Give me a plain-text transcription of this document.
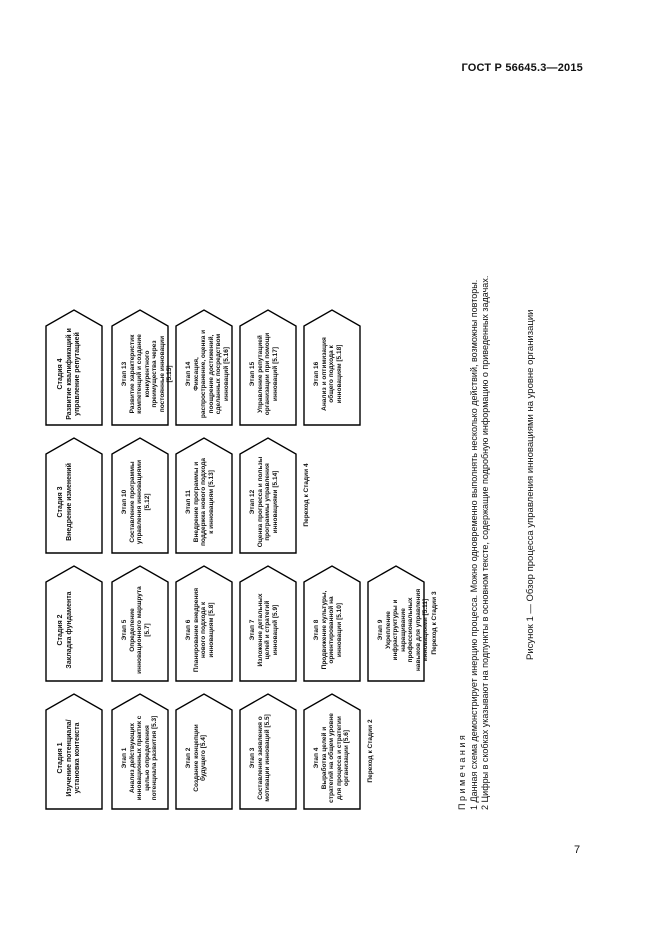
ГОСТ Р 56645.3—2015
Стадия 1 Изучение потенциала/ установка контекста	Этап 1 Анализ действующих инновационных практик с целью определения потенциала развития [5.3]
Этап 2 Создание концепции будущего [5.4]
Этап 3 Составление заявления о мотивации инноваций [5.5]
Этап 4 Выработка целей и стратегий на общем уровне для процесса и стратегии организации [5.6]	Переход к Стадии 2
Стадия 2 Закладка фундамента	Этап 5 Определение инновационного маршрута [5.7]	Этап 6 Планирование внедрения нового подхода к инновациям [5.8]
Этап 7 Изложение детальных целей и стратегий инноваций [5.9]
Этап 8 Продвижение культуры, ориентированной на инновации [5.10]
Этап 9 Укрепление инфраструктуры и наращивание профессиональных навыков для управления инновациями [5.11] Переход к Стадии 3
Стадия 3 Внедрение изменений	Этап 10 Составление программы управления инновациями [5.12]	Этап 11 Внедрение программы и поддержка нового подхода к инновациям [5.13]
Этап 12 Оценка прогресса и пользы программы управления инновациями [5.14]	Переход к Стадии 4
Стадия 4 Развитие квалификаций и управление репутацией	Этап 13 Развитие характеристик компетенций и создание конкурентного преимущества через постоянные инновации [5.15] Этап 14 Фиксация, распространение, оценка и поощрение достижений, сделанных посредством инноваций [5.16]
Этап 15 Управление репутацией организации при помощи инноваций [5.17]
Этап 16 Анализ и оптимизация общего подхода к инновациям [5.18]
П р и м е ч а н и я 1 Данная схема демонстрирует инерцию процесса. Можно одновременно выполнять несколько действий, возможны повторы. 2 Цифры в скобках указывают на подпункты в основном тексте, содержащие подробную информацию о приведенных задачах.	Рисунок 1 — Обзор процесса управления инновациями на уровне организации
7
